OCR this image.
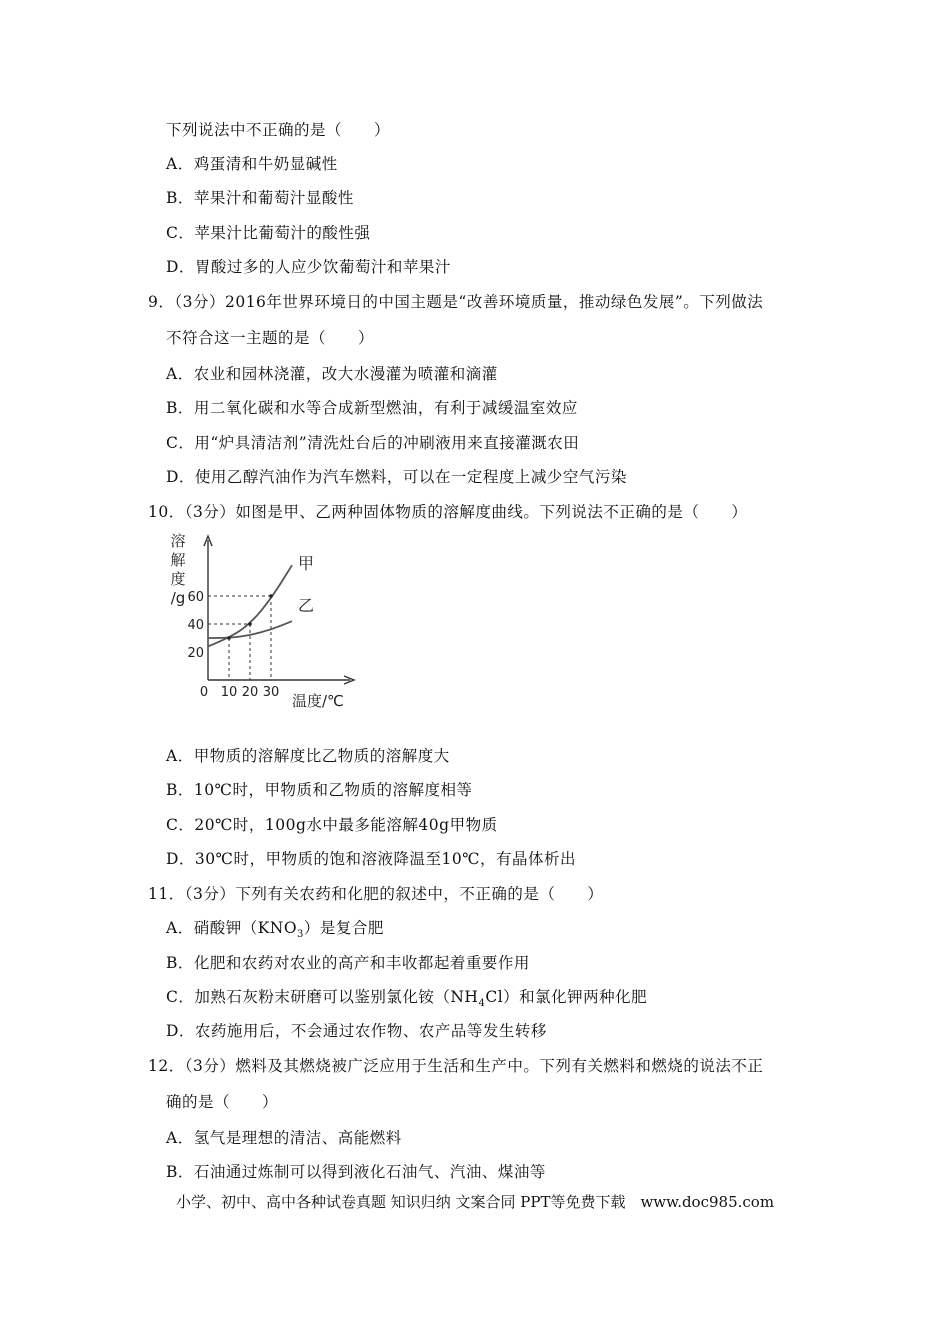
下列说法中不正确的是（　　）
A．鸡蛋清和牛奶显碱性
B．苹果汁和葡萄汁显酸性
C．苹果汁比葡萄汁的酸性强
D．胃酸过多的人应少饮葡萄汁和苹果汁
9．（3分）2016年世界环境日的中国主题是“改善环境质量，推动绿色发展”。下列做法
不符合这一主题的是（　　）
A．农业和园林浇灌，改大水漫灌为喷灌和滴灌
B．用二氧化碳和水等合成新型燃油，有利于减缓温室效应
C．用“炉具清洁剂”清洗灶台后的冲刷液用来直接灌溉农田
D．使用乙醇汽油作为汽车燃料，可以在一定程度上减少空气污染
10．（3分）如图是甲、乙两种固体物质的溶解度曲线。下列说法不正确的是（　　）
0 10 20 30
20
40
60
甲
乙
溶
解
度
/g
温度/℃
A．甲物质的溶解度比乙物质的溶解度大
B．10℃时，甲物质和乙物质的溶解度相等
C．20℃时，100g水中最多能溶解40g甲物质
D．30℃时，甲物质的饱和溶液降温至10℃，有晶体析出
11．（3分）下列有关农药和化肥的叙述中，不正确的是（　　）
A．硝酸钾$(KNO_3)$是复合肥
B．化肥和农药对农业的高产和丰收都起着重要作用
C．加熟石灰粉末研磨可以鉴别氯化铵$(NH_4Cl)$和氯化钾两种化肥
D．农药施用后，不会通过农作物、农产品等发生转移
12．（3分）燃料及其燃烧被广泛应用于生活和生产中。下列有关燃料和燃烧的说法不正
确的是（　　）
A．氢气是理想的清洁、高能燃料
B．石油通过炼制可以得到液化石油气、汽油、煤油等
小学、初中、高中各种试卷真题 知识归纳 文案合同 PPT等免费下载　www.doc985.com
